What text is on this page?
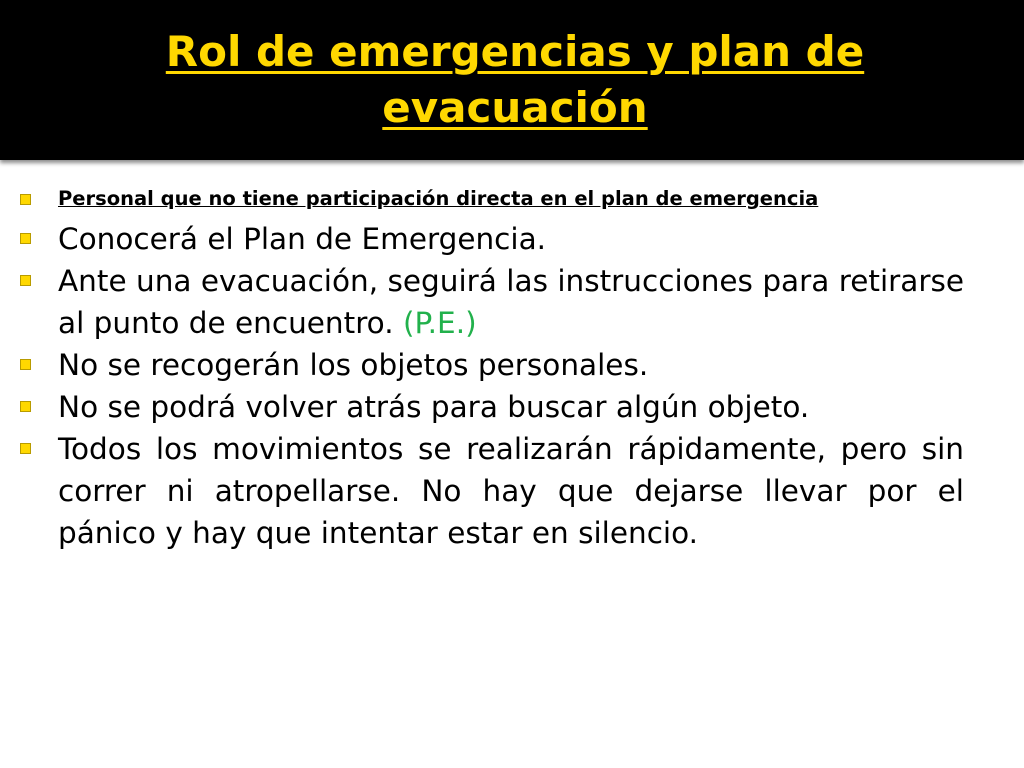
Rol de emergencias y plan de evacuación
Personal que no tiene participación directa en el plan de emergencia
Conocerá el Plan de Emergencia.
Ante una evacuación, seguirá las instrucciones para retirarse al punto de encuentro. (P.E.)
No se recogerán los objetos personales.
No se podrá volver atrás para buscar algún objeto.
Todos los movimientos se realizarán rápidamente, pero sin correr ni atropellarse. No hay que dejarse llevar por el pánico y hay que intentar estar en silencio.
